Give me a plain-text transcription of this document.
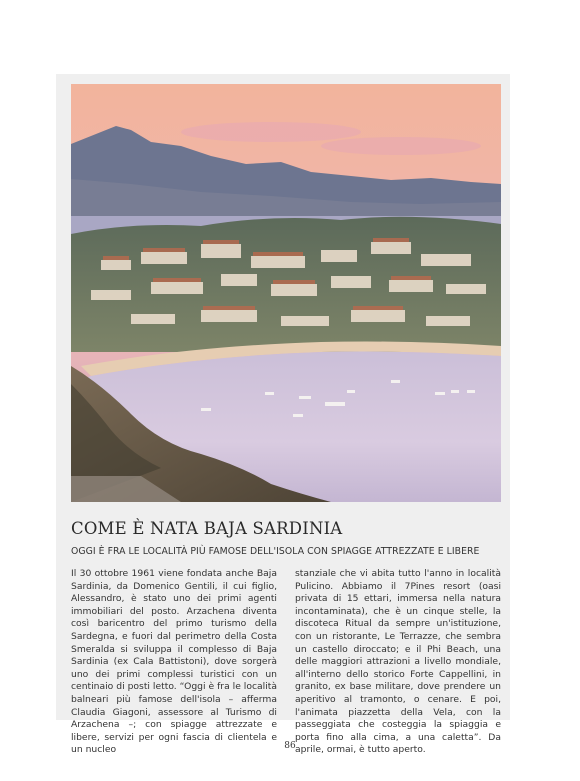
COME È NATA BAJA SARDINIA
OGGI È FRA LE LOCALITÀ PIÙ FAMOSE DELL'ISOLA CON SPIAGGE ATTREZZATE E LIBERE

Il 30 ottobre 1961 viene fondata anche Baja Sardinia, da Domenico Gentili, il cui figlio, Alessandro, è stato uno dei primi agenti immobiliari del posto. Arzachena diventa così baricentro del primo turismo della Sardegna, e fuori dal perimetro della Costa Smeralda si sviluppa il complesso di Baja Sardinia (ex Cala Battistoni), dove sorgerà uno dei primi complessi turistici con un centinaio di posti letto. “Oggi è fra le località balneari più famose dell'isola – afferma Claudia Giagoni, assessore al Turismo di Arzachena –; con spiagge attrezzate e libere, servizi per ogni fascia di clientela e un nucleo

stanziale che vi abita tutto l'anno in località Pulicino. Abbiamo il 7Pines resort (oasi privata di 15 ettari, immersa nella natura incontaminata), che è un cinque stelle, la discoteca Ritual da sempre un'istituzione, con un ristorante, Le Terrazze, che sembra un castello diroccato; e il Phi Beach, una delle maggiori attrazioni a livello mondiale, all'interno dello storico Forte Cappellini, in granito, ex base militare, dove prendere un aperitivo al tramonto, o cenare. E poi, l'animata piazzetta della Vela, con la passeggiata che costeggia la spiaggia e porta fino alla cima, a una caletta”. Da aprile, ormai, è tutto aperto.

86
